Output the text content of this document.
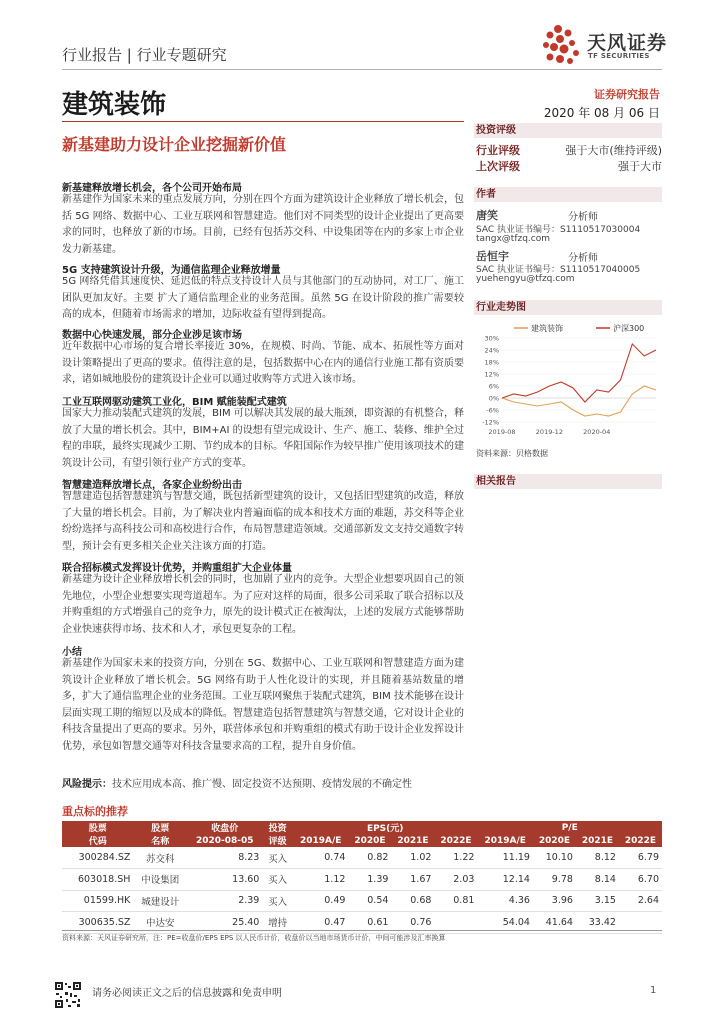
行业报告 | 行业专题研究
建筑装饰
新基建助力设计企业挖掘新价值
天风证券
TF SECURITIES
证券研究报告
2020 年 08 月 06 日
投资评级
行业评级	强于大市(维持评级)
上次评级	强于大市
作者
唐笑	分析师
SAC 执业证书编号：S1110517030004
tangx@tfzq.com
岳恒宇	分析师
SAC 执业证书编号：S1110517040005
yuehengyu@tfzq.com
行业走势图
建筑装饰	沪深300
30%
24%
18%
12%
6%
0%
-6%
-12%
2019-08	2019-12	2020-04
资料来源：贝格数据
相关报告
新基建释放增长机会，各个公司开始布局
新基建作为国家未来的重点发展方向，分别在四个方面为建筑设计企业释放了增长机会，包括 5G 网络、数据中心、工业互联网和智慧建造。他们对不同类型的设计企业提出了更高要求的同时，也释放了新的市场。目前，已经有包括苏交科、中设集团等在内的多家上市企业发力新基建。
5G 支持建筑设计升级，为通信监理企业释放增量
5G 网络凭借其速度快、延迟低的特点支持设计人员与其他部门的互动协同，对工厂、施工团队更加友好。主要 扩大了通信监理企业的业务范围。虽然 5G 在设计阶段的推广需要较高的成本，但随着市场需求的增加，边际收益有望得到提高。
数据中心快速发展，部分企业涉足该市场
近年数据中心市场的复合增长率接近 30%，在规模、时尚、节能、成本、拓展性等方面对设计策略提出了更高的要求。值得注意的是，包括数据中心在内的通信行业施工都有资质要求，诸如城地股份的建筑设计企业可以通过收购等方式进入该市场。
工业互联网驱动建筑工业化，BIM 赋能装配式建筑
国家大力推动装配式建筑的发展，BIM 可以解决其发展的最大瓶颈，即资源的有机整合，释放了大量的增长机会。其中，BIM+AI 的设想有望完成设计、生产、施工、装修、维护全过程的串联，最终实现减少工期、节约成本的目标。华阳国际作为较早推广使用该项技术的建筑设计公司，有望引领行业产方式的变革。
智慧建造释放增长点，各家企业纷纷出击
智慧建造包括智慧建筑与智慧交通，既包括新型建筑的设计，又包括旧型建筑的改造，释放了大量的增长机会。目前，为了解决业内普遍面临的成本和技术方面的难题，苏交科等企业纷纷选择与高科技公司和高校进行合作，布局智慧建造领域。交通部新发文支持交通数字转型，预计会有更多相关企业关注该方面的打造。
联合招标模式发挥设计优势，并购重组扩大企业体量
新基建为设计企业释放增长机会的同时，也加剧了业内的竞争。大型企业想要巩固自己的领先地位，小型企业想要实现弯道超车。为了应对这样的局面，很多公司采取了联合招标以及并购重组的方式增强自己的竞争力，原先的设计模式正在被淘汰，上述的发展方式能够帮助企业快速获得市场、技术和人才，承包更复杂的工程。
小结
新基建作为国家未来的投资方向，分别在 5G、数据中心、工业互联网和智慧建造方面为建筑设计企业释放了增长机会。5G 网络有助于人性化设计的实现，并且随着基站数量的增多，扩大了通信监理企业的业务范围。工业互联网聚焦于装配式建筑，BIM 技术能够在设计层面实现工期的缩短以及成本的降低。智慧建造包括智慧建筑与智慧交通，它对设计企业的科技含量提出了更高的要求。另外，联营体承包和并购重组的模式有助于设计企业发挥设计优势，承包如智慧交通等对科技含量要求高的工程，提升自身价值。
风险提示：技术应用成本高、推广慢、固定投资不达预期、疫情发展的不确定性
重点标的推荐
股票	股票	收盘价	投资	EPS(元)				P/E			
代码	名称	2020-08-05	评级	2019A/E	2020E	2021E	2022E	2019A/E	2020E	2021E	2022E
300284.SZ	苏交科	8.23	买入	0.74	0.82	1.02	1.22	11.19	10.10	8.12	6.79
603018.SH	中设集团	13.60	买入	1.12	1.39	1.67	2.03	12.14	9.78	8.14	6.70
01599.HK	城建设计	2.39	买入	0.49	0.54	0.68	0.81	4.36	3.96	3.15	2.64
300635.SZ	中达安	25.40	增持	0.47	0.61	0.76		54.04	41.64	33.42	
资料来源：天风证券研究所，注：PE=收盘价/EPS EPS 以人民币计价，收盘价以当地市场货币计价，中间可能涉及汇率换算
请务必阅读正文之后的信息披露和免责申明	1
